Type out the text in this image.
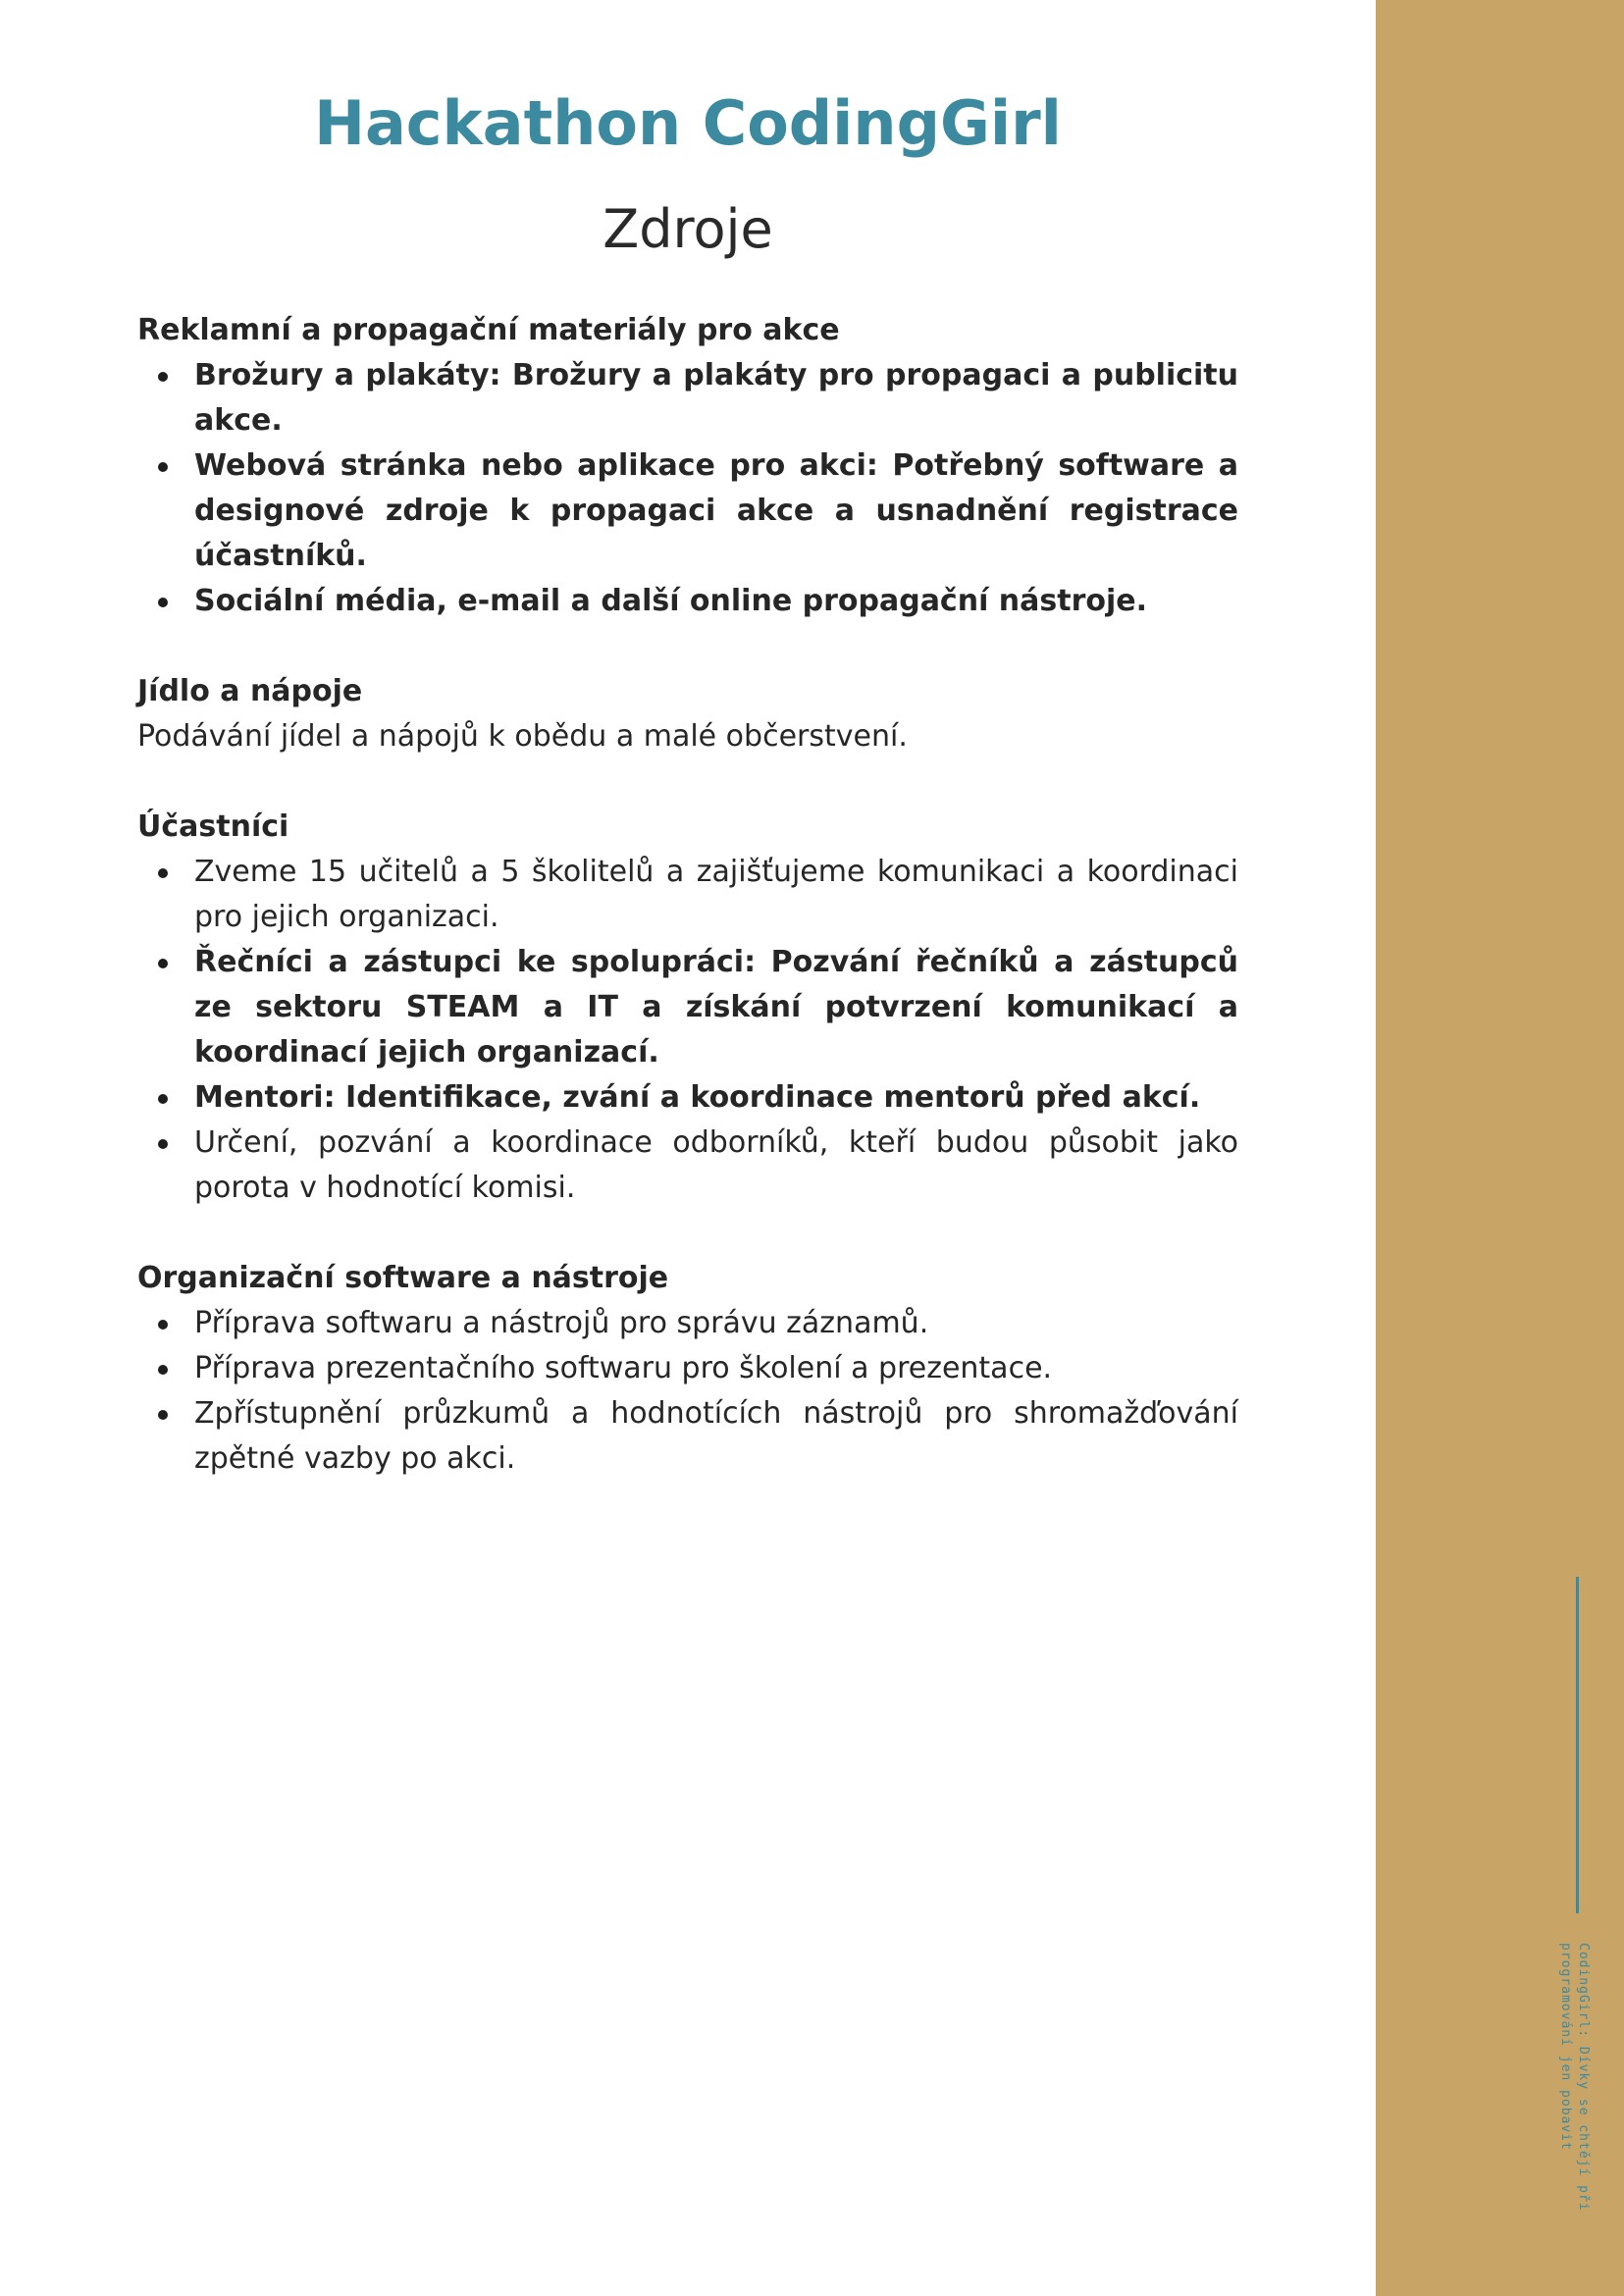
Hackathon CodingGirl
Zdroje

Reklamní a propagační materiály pro akce

Brožury a plakáty: Brožury a plakáty pro propagaci a publicitu akce.
Webová stránka nebo aplikace pro akci: Potřebný software a designové zdroje k propagaci akce a usnadnění registrace účastníků.
Sociální média, e-mail a další online propagační nástroje.

Jídlo a nápoje

Podávání jídel a nápojů k obědu a malé občerstvení.

Účastníci

Zveme 15 učitelů a 5 školitelů a zajišťujeme komunikaci a koordinaci pro jejich organizaci.
Řečníci a zástupci ke spolupráci: Pozvání řečníků a zástupců ze sektoru STEAM a IT a získání potvrzení komunikací a koordinací jejich organizací.
Mentori: Identifikace, zvání a koordinace mentorů před akcí.
Určení, pozvání a koordinace odborníků, kteří budou působit jako porota v hodnotící komisi.

Organizační software a nástroje

Příprava softwaru a nástrojů pro správu záznamů.
Příprava prezentačního softwaru pro školení a prezentace.
Zpřístupnění průzkumů a hodnotících nástrojů pro shromažďování zpětné vazby po akci.
CodingGirl: Dívky se chtějí při programování jen pobavit
